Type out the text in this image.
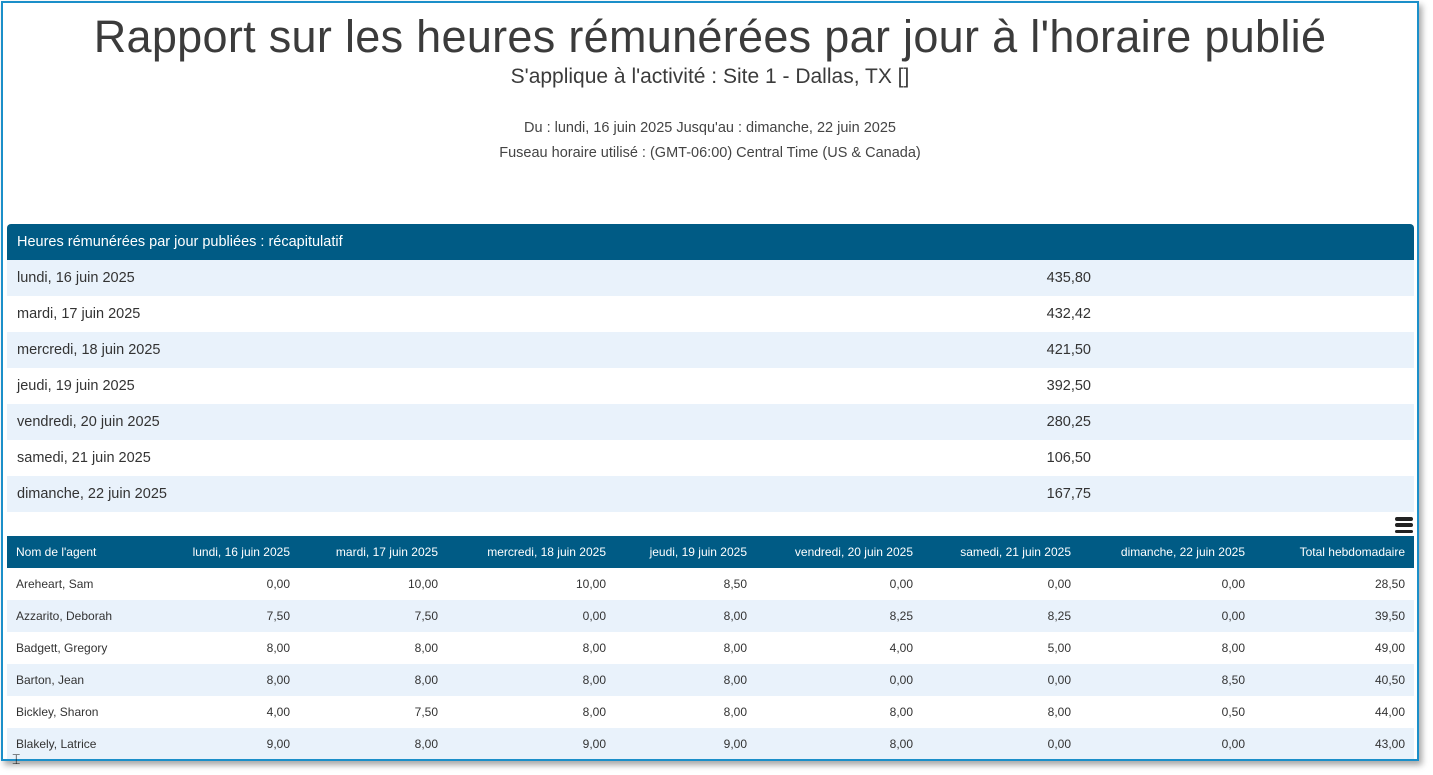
Rapport sur les heures rémunérées par jour à l'horaire publié
S'applique à l'activité : Site 1 - Dallas, TX []
Du : lundi, 16 juin 2025 Jusqu'au : dimanche, 22 juin 2025
Fuseau horaire utilisé : (GMT-06:00) Central Time (US & Canada)
Heures rémunérées par jour publiées : récapitulatif
lundi, 16 juin 2025	435,80
mardi, 17 juin 2025	432,42
mercredi, 18 juin 2025	421,50
jeudi, 19 juin 2025	392,50
vendredi, 20 juin 2025	280,25
samedi, 21 juin 2025	106,50
dimanche, 22 juin 2025	167,75
Nom de l'agent	lundi, 16 juin 2025	mardi, 17 juin 2025	mercredi, 18 juin 2025	jeudi, 19 juin 2025	vendredi, 20 juin 2025	samedi, 21 juin 2025	dimanche, 22 juin 2025	Total hebdomadaire
Areheart, Sam	0,00	10,00	10,00	8,50	0,00	0,00	0,00	28,50
Azzarito, Deborah	7,50	7,50	0,00	8,00	8,25	8,25	0,00	39,50
Badgett, Gregory	8,00	8,00	8,00	8,00	4,00	5,00	8,00	49,00
Barton, Jean	8,00	8,00	8,00	8,00	0,00	0,00	8,50	40,50
Bickley, Sharon	4,00	7,50	8,00	8,00	8,00	8,00	0,50	44,00
Blakely, Latrice	9,00	8,00	9,00	9,00	8,00	0,00	0,00	43,00
⌶
